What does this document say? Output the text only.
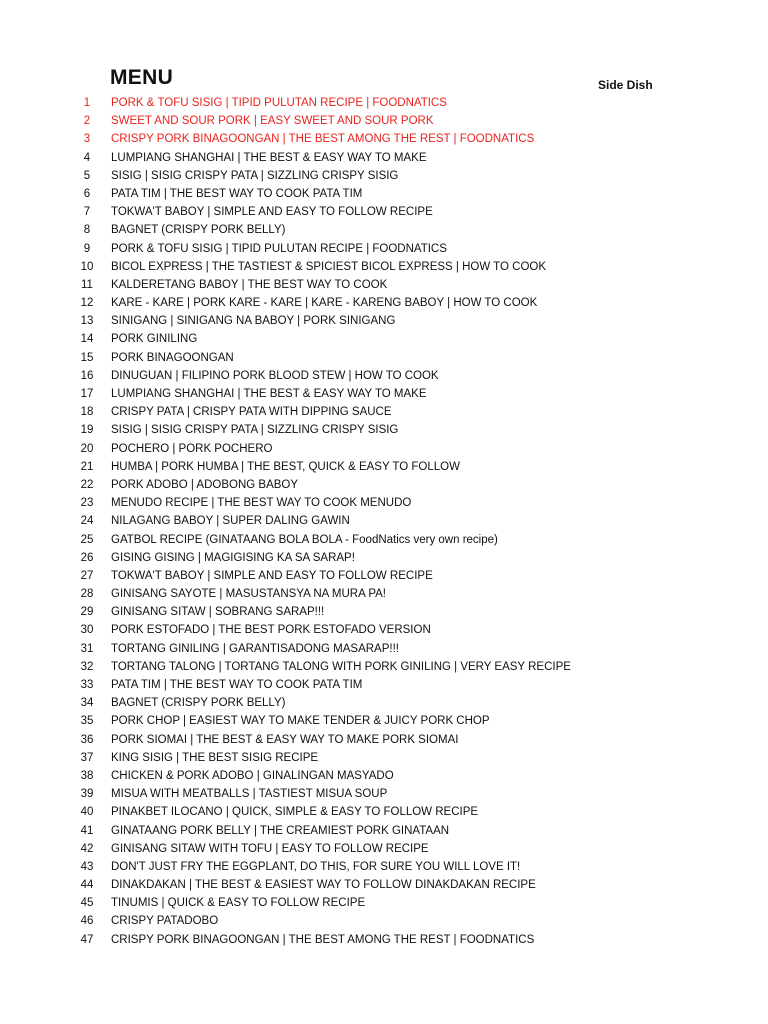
MENU	Side Dish
1	PORK & TOFU SISIG | TIPID PULUTAN RECIPE | FOODNATICS
2	SWEET AND SOUR PORK | EASY SWEET AND SOUR PORK
3	CRISPY PORK BINAGOONGAN | THE BEST AMONG THE REST | FOODNATICS
4	LUMPIANG SHANGHAI | THE BEST & EASY WAY TO MAKE
5	SISIG | SISIG CRISPY PATA | SIZZLING CRISPY SISIG
6	PATA TIM | THE BEST WAY TO COOK PATA TIM
7	TOKWA'T BABOY | SIMPLE AND EASY TO FOLLOW RECIPE
8	BAGNET (CRISPY PORK BELLY)
9	PORK & TOFU SISIG | TIPID PULUTAN RECIPE | FOODNATICS
10	BICOL EXPRESS | THE TASTIEST & SPICIEST BICOL EXPRESS | HOW TO COOK
11	KALDERETANG BABOY | THE BEST WAY TO COOK
12	KARE - KARE | PORK KARE - KARE | KARE - KARENG BABOY | HOW TO COOK
13	SINIGANG | SINIGANG NA BABOY | PORK SINIGANG
14	PORK GINILING
15	PORK BINAGOONGAN
16	DINUGUAN | FILIPINO PORK BLOOD STEW | HOW TO COOK
17	LUMPIANG SHANGHAI | THE BEST & EASY WAY TO MAKE
18	CRISPY PATA | CRISPY PATA WITH DIPPING SAUCE
19	SISIG | SISIG CRISPY PATA | SIZZLING CRISPY SISIG
20	POCHERO | PORK POCHERO
21	HUMBA | PORK HUMBA | THE BEST, QUICK & EASY TO FOLLOW
22	PORK ADOBO | ADOBONG BABOY
23	MENUDO RECIPE | THE BEST WAY TO COOK MENUDO
24	NILAGANG BABOY | SUPER DALING GAWIN
25	GATBOL RECIPE (GINATAANG BOLA BOLA - FoodNatics very own recipe)
26	GISING GISING | MAGIGISING KA SA SARAP!
27	TOKWA'T BABOY | SIMPLE AND EASY TO FOLLOW RECIPE
28	GINISANG SAYOTE | MASUSTANSYA NA MURA PA!
29	GINISANG SITAW | SOBRANG SARAP!!!
30	PORK ESTOFADO | THE BEST PORK ESTOFADO VERSION
31	TORTANG GINILING | GARANTISADONG MASARAP!!!
32	TORTANG TALONG | TORTANG TALONG WITH PORK GINILING | VERY EASY RECIPE
33	PATA TIM | THE BEST WAY TO COOK PATA TIM
34	BAGNET (CRISPY PORK BELLY)
35	PORK CHOP | EASIEST WAY TO MAKE TENDER & JUICY PORK CHOP
36	PORK SIOMAI | THE BEST & EASY WAY TO MAKE PORK SIOMAI
37	KING SISIG | THE BEST SISIG RECIPE
38	CHICKEN & PORK ADOBO | GINALINGAN MASYADO
39	MISUA WITH MEATBALLS | TASTIEST MISUA SOUP
40	PINAKBET ILOCANO | QUICK, SIMPLE & EASY TO FOLLOW RECIPE
41	GINATAANG PORK BELLY | THE CREAMIEST PORK GINATAAN
42	GINISANG SITAW WITH TOFU | EASY TO FOLLOW RECIPE
43	DON'T JUST FRY THE EGGPLANT, DO THIS, FOR SURE YOU WILL LOVE IT!
44	DINAKDAKAN | THE BEST & EASIEST WAY TO FOLLOW DINAKDAKAN RECIPE
45	TINUMIS | QUICK & EASY TO FOLLOW RECIPE
46	CRISPY PATADOBO
47	CRISPY PORK BINAGOONGAN | THE BEST AMONG THE REST | FOODNATICS
